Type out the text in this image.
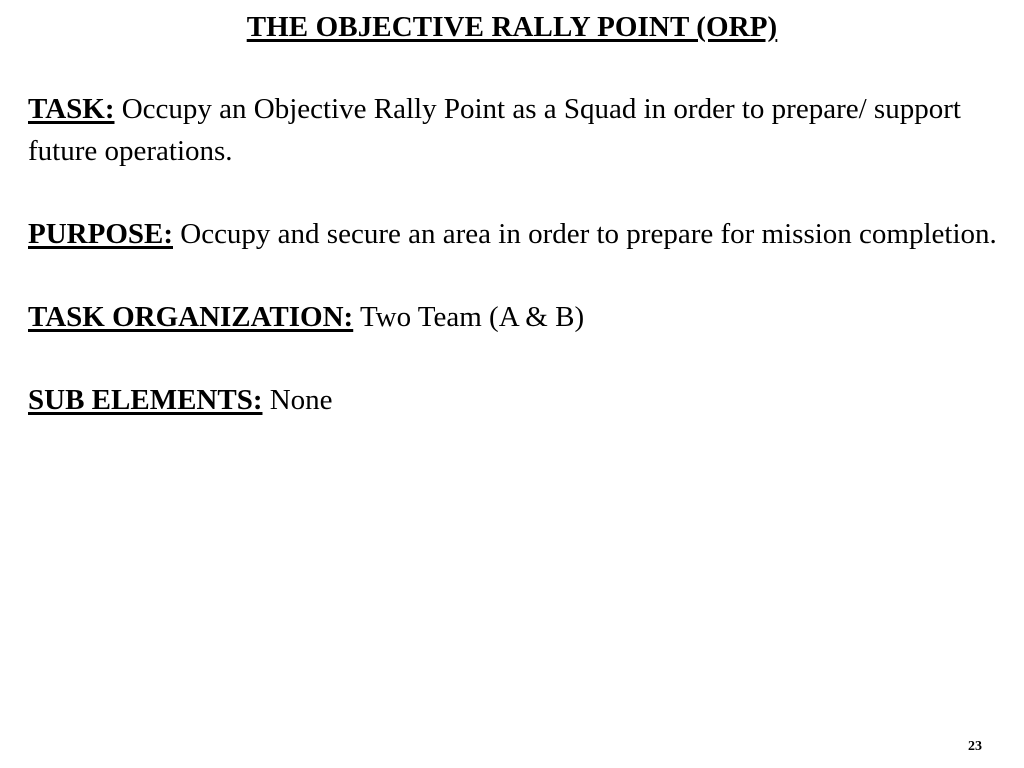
THE OBJECTIVE RALLY POINT (ORP)

TASK: Occupy an Objective Rally Point as a Squad in order to prepare/ support future operations.

PURPOSE: Occupy and secure an area in order to prepare for mission completion.

TASK ORGANIZATION: Two Team (A & B)

SUB ELEMENTS: None

23
